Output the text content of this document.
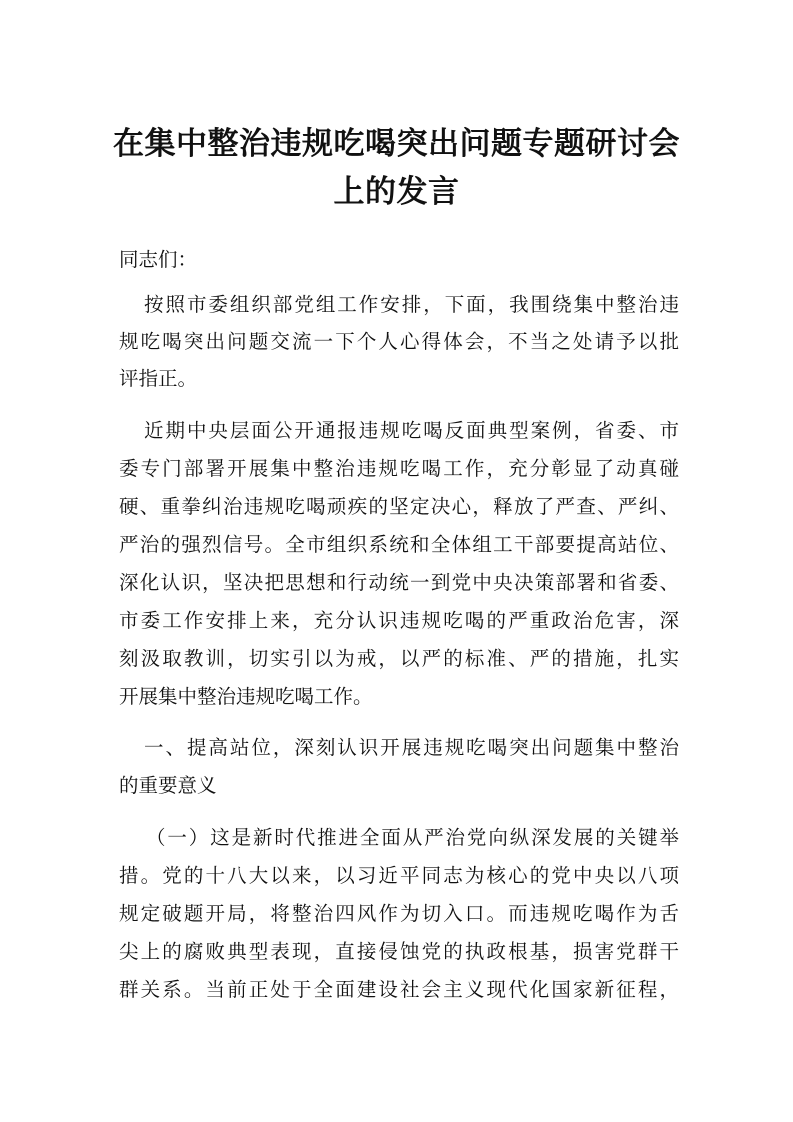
在集中整治违规吃喝突出问题专题研讨会
上的发言

同志们：

按照市委组织部党组工作安排，下面，我围绕集中整治违

规吃喝突出问题交流一下个人心得体会，不当之处请予以批

评指正。

近期中央层面公开通报违规吃喝反面典型案例，省委、市

委专门部署开展集中整治违规吃喝工作，充分彰显了动真碰

硬、重拳纠治违规吃喝顽疾的坚定决心，释放了严查、严纠、

严治的强烈信号。全市组织系统和全体组工干部要提高站位、

深化认识，坚决把思想和行动统一到党中央决策部署和省委、

市委工作安排上来，充分认识违规吃喝的严重政治危害，深

刻汲取教训，切实引以为戒，以严的标准、严的措施，扎实

开展集中整治违规吃喝工作。

一、提高站位，深刻认识开展违规吃喝突出问题集中整治

的重要意义

（一）这是新时代推进全面从严治党向纵深发展的关键举

措。党的十八大以来，以习近平同志为核心的党中央以八项

规定破题开局，将整治四风作为切入口。而违规吃喝作为舌

尖上的腐败典型表现，直接侵蚀党的执政根基，损害党群干

群关系。当前正处于全面建设社会主义现代化国家新征程，
